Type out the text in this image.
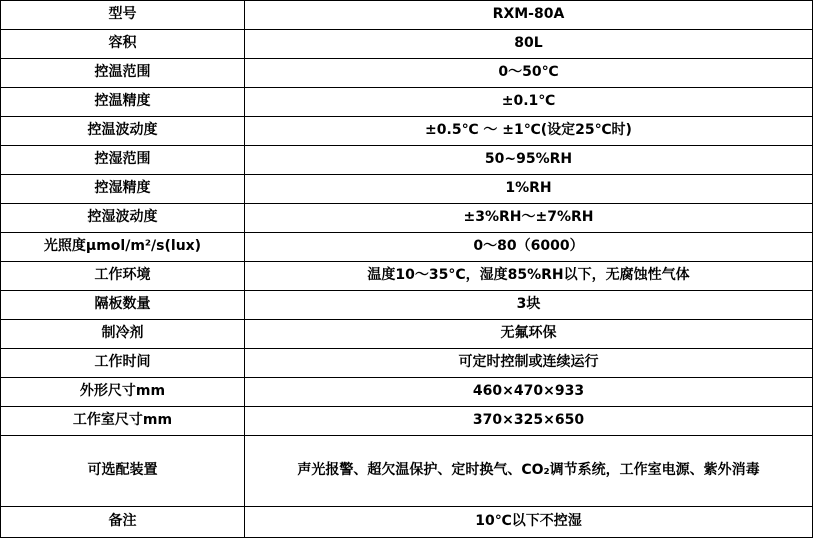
型号	RXM-80A
容积	80L
控温范围	0〜50℃
控温精度	±0.1℃
控温波动度	±0.5℃ 〜 ±1℃(设定25℃时)
控湿范围	50~95%RH
控湿精度	1%RH
控湿波动度	±3%RH〜±7%RH
光照度μmol/m²/s(lux)	0〜80（6000）
工作环境	温度10〜35°C，湿度85%RH以下，无腐蚀性气体
隔板数量	3块
制冷剂	无氟环保
工作时间	可定时控制或连续运行
外形尺寸mm	460×470×933
工作室尺寸mm	370×325×650
可选配装置	声光报警、超欠温保护、定时换气、CO₂调节系统，工作室电源、紫外消毒
备注	10℃以下不控湿
